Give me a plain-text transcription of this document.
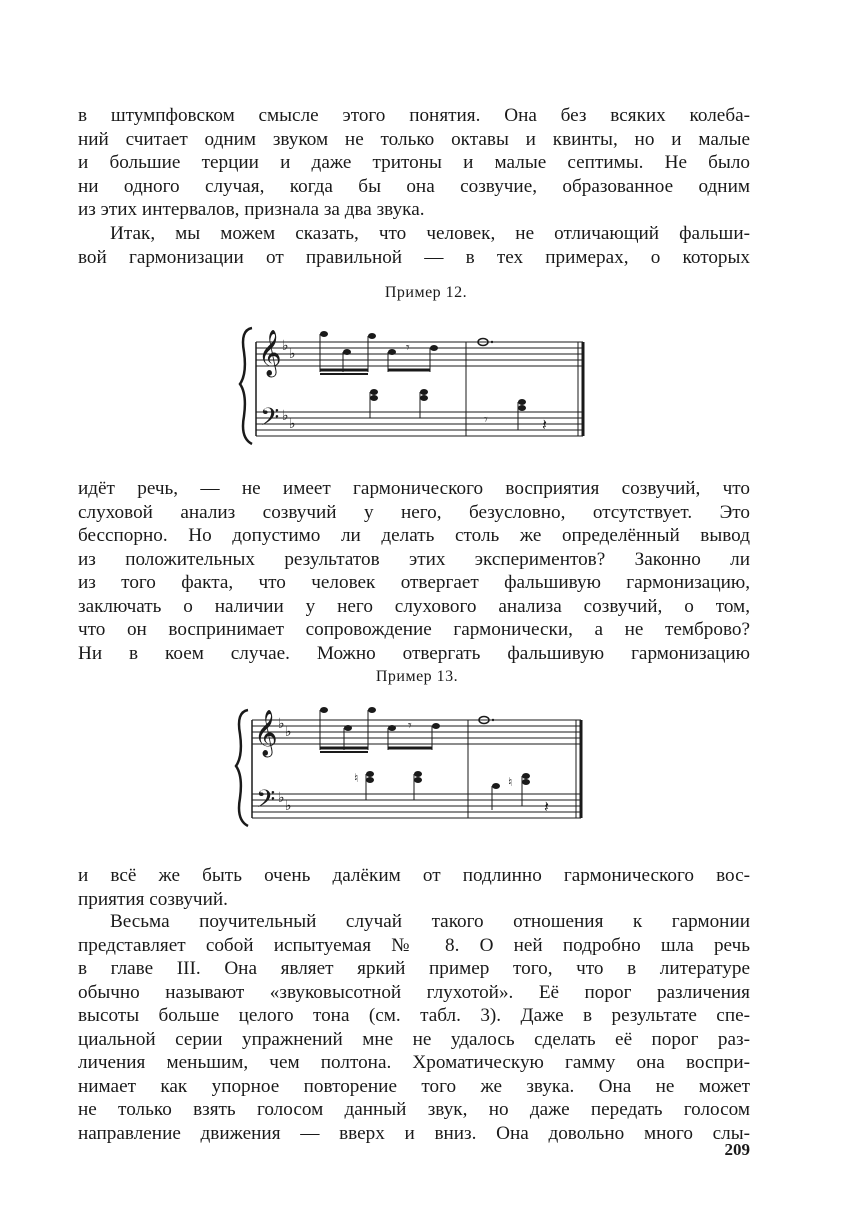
в штумпфовском смысле этого понятия. Она без всяких колеба-
ний считает одним звуком не только октавы и квинты, но и малые
и большие терции и даже тритоны и малые септимы. Не было
ни одного случая, когда бы она созвучие, образованное одним
из этих интервалов, признала за два звука.
Итак, мы можем сказать, что человек, не отличающий фальши-
вой гармонизации от правильной — в тех примерах, о которых
Пример 12.
𝄞
𝄢
♭ ♭
♭ ♭
𝄾
𝄾	𝄽
идёт речь, — не имеет гармонического восприятия созвучий, что
слуховой анализ созвучий у него, безусловно, отсутствует. Это
бесспорно. Но допустимо ли делать столь же определённый вывод
из положительных результатов этих экспериментов? Законно ли
из того факта, что человек отвергает фальшивую гармонизацию,
заключать о наличии у него слухового анализа созвучий, о том,
что он воспринимает сопровождение гармонически, а не темброво?
Ни в коем случае. Можно отвергать фальшивую гармонизацию
Пример 13.
𝄞
𝄢
♭ ♭
♭ ♭
𝄾
♮	♮
𝄽
и всё же быть очень далёким от подлинно гармонического вос-
приятия созвучий.
Весьма поучительный случай такого отношения к гармонии
представляет собой испытуемая № 8. О ней подробно шла речь
в главе III. Она являет яркий пример того, что в литературе
обычно называют «звуковысотной глухотой». Её порог различения
высоты больше целого тона (см. табл. 3). Даже в результате спе-
циальной серии упражнений мне не удалось сделать её порог раз-
личения меньшим, чем полтона. Хроматическую гамму она воспри-
нимает как упорное повторение того же звука. Она не может
не только взять голосом данный звук, но даже передать голосом
направление движения — вверх и вниз. Она довольно много слы-
209
